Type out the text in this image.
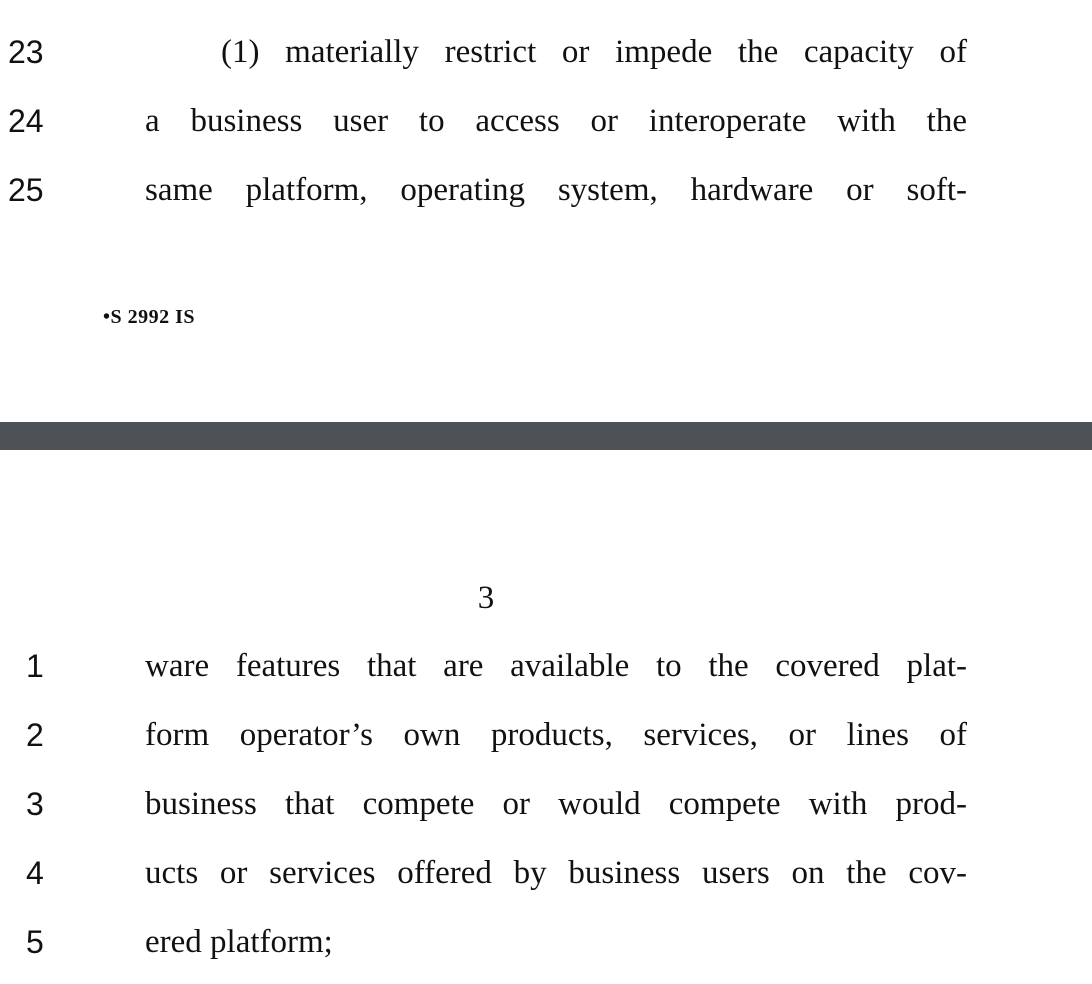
23	(1) materially restrict or impede the capacity of
24	a business user to access or interoperate with the
25	same platform, operating system, hardware or soft-
•S 2992 IS
3
1	ware features that are available to the covered plat-
2	form operator’s own products, services, or lines of
3	business that compete or would compete with prod-
4	ucts or services offered by business users on the cov-
5	ered platform;
